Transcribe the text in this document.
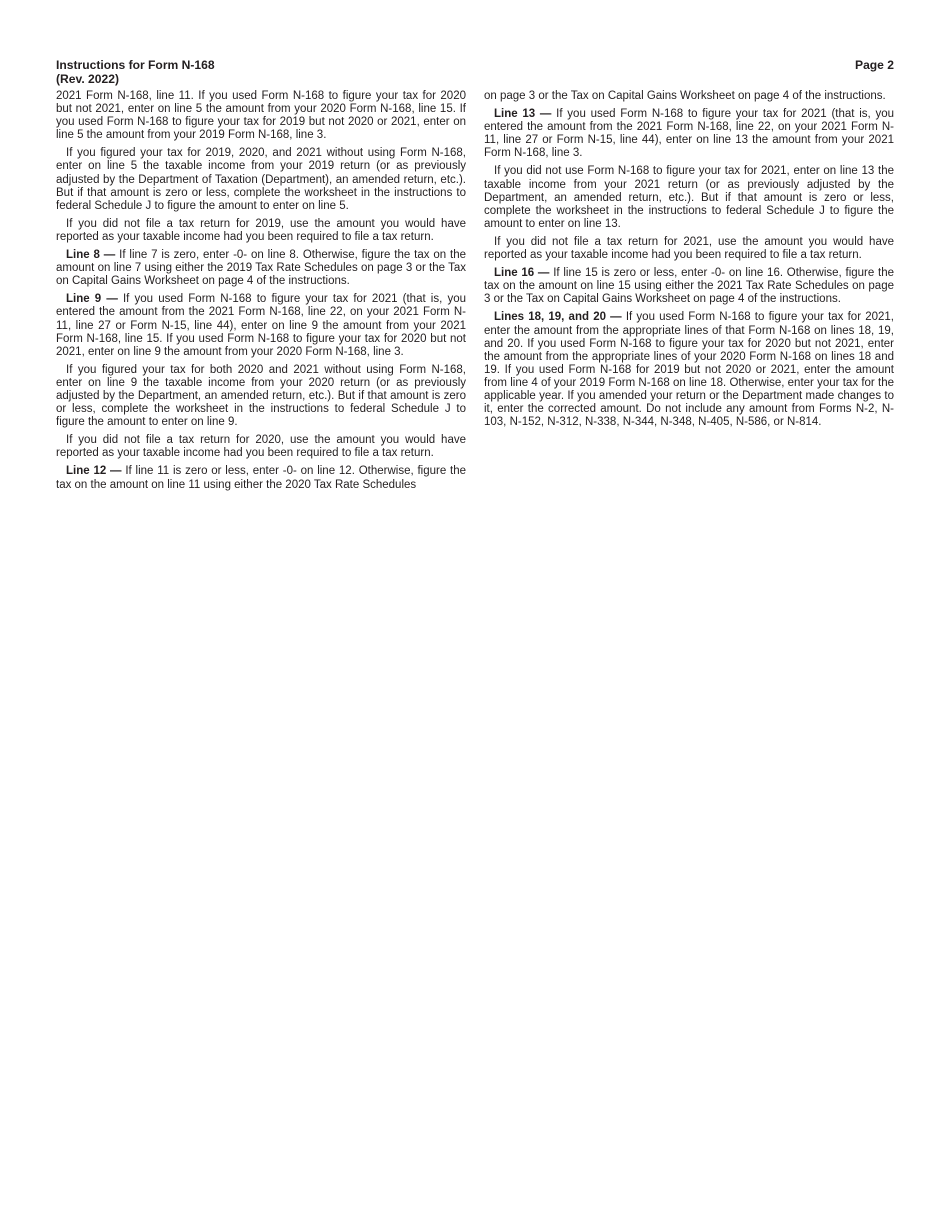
Instructions for Form N-168
(Rev. 2022)
Page 2

2021 Form N-168, line 11. If you used Form N-168 to figure your tax for 2020 but not 2021, enter on line 5 the amount from your 2020 Form N-168, line 15. If you used Form N-168 to figure your tax for 2019 but not 2020 or 2021, enter on line 5 the amount from your 2019 Form N-168, line 3.

If you figured your tax for 2019, 2020, and 2021 without using Form N-168, enter on line 5 the taxable income from your 2019 return (or as previously adjusted by the Department of Taxation (Department), an amended return, etc.). But if that amount is zero or less, complete the worksheet in the instructions to federal Schedule J to figure the amount to enter on line 5.

If you did not file a tax return for 2019, use the amount you would have reported as your taxable income had you been required to file a tax return.

Line 8 — If line 7 is zero, enter -0- on line 8. Otherwise, figure the tax on the amount on line 7 using either the 2019 Tax Rate Schedules on page 3 or the Tax on Capital Gains Worksheet on page 4 of the instructions.

Line 9 — If you used Form N-168 to figure your tax for 2021 (that is, you entered the amount from the 2021 Form N-168, line 22, on your 2021 Form N-11, line 27 or Form N-15, line 44), enter on line 9 the amount from your 2021 Form N-168, line 15. If you used Form N-168 to figure your tax for 2020 but not 2021, enter on line 9 the amount from your 2020 Form N-168, line 3.

If you figured your tax for both 2020 and 2021 without using Form N-168, enter on line 9 the taxable income from your 2020 return (or as previously adjusted by the Department, an amended return, etc.). But if that amount is zero or less, complete the worksheet in the instructions to federal Schedule J to figure the amount to enter on line 9.

If you did not file a tax return for 2020, use the amount you would have reported as your taxable income had you been required to file a tax return.

Line 12 — If line 11 is zero or less, enter -0- on line 12. Otherwise, figure the tax on the amount on line 11 using either the 2020 Tax Rate Schedules

on page 3 or the Tax on Capital Gains Worksheet on page 4 of the instructions.

Line 13 — If you used Form N-168 to figure your tax for 2021 (that is, you entered the amount from the 2021 Form N-168, line 22, on your 2021 Form N-11, line 27 or Form N-15, line 44), enter on line 13 the amount from your 2021 Form N-168, line 3.

If you did not use Form N-168 to figure your tax for 2021, enter on line 13 the taxable income from your 2021 return (or as previously adjusted by the Department, an amended return, etc.). But if that amount is zero or less, complete the worksheet in the instructions to federal Schedule J to figure the amount to enter on line 13.

If you did not file a tax return for 2021, use the amount you would have reported as your taxable income had you been required to file a tax return.

Line 16 — If line 15 is zero or less, enter -0- on line 16. Otherwise, figure the tax on the amount on line 15 using either the 2021 Tax Rate Schedules on page 3 or the Tax on Capital Gains Worksheet on page 4 of the instructions.

Lines 18, 19, and 20 — If you used Form N-168 to figure your tax for 2021, enter the amount from the appropriate lines of that Form N-168 on lines 18, 19, and 20. If you used Form N-168 to figure your tax for 2020 but not 2021, enter the amount from the appropriate lines of your 2020 Form N-168 on lines 18 and 19. If you used Form N-168 for 2019 but not 2020 or 2021, enter the amount from line 4 of your 2019 Form N-168 on line 18. Otherwise, enter your tax for the applicable year. If you amended your return or the Department made changes to it, enter the corrected amount. Do not include any amount from Forms N-2, N-103, N-152, N-312, N-338, N-344, N-348, N-405, N-586, or N-814.
